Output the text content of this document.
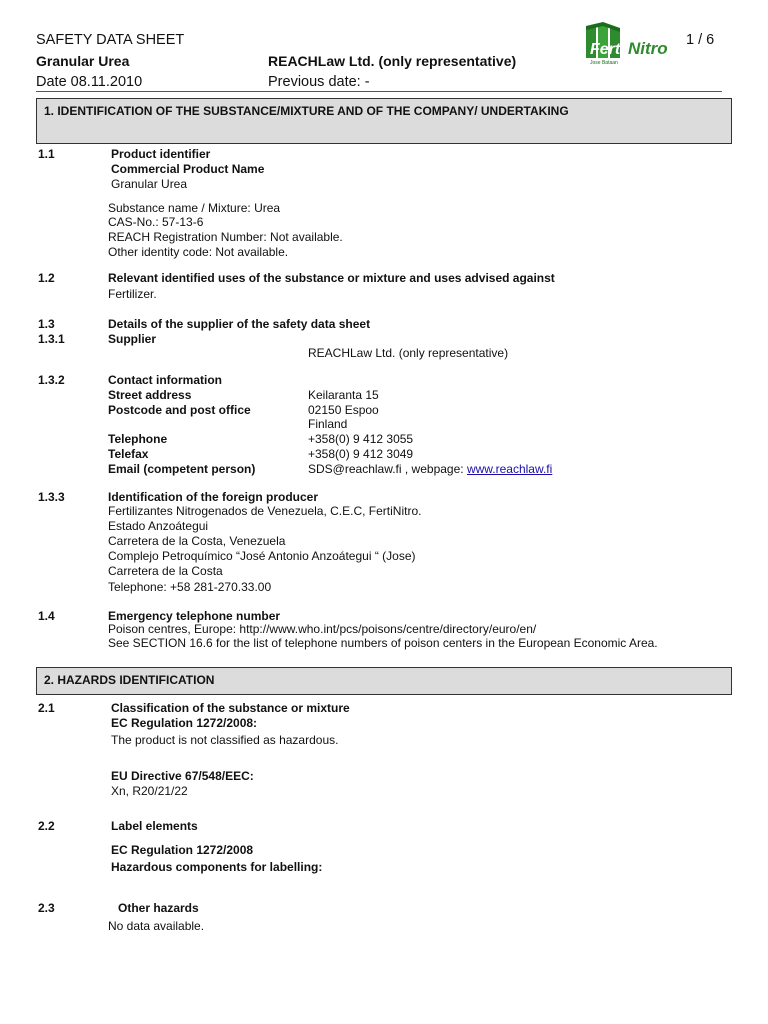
SAFETY DATA SHEET
Granular Urea	REACHLaw Ltd. (only representative)
Date 08.11.2010	Previous date: -
1 / 6
Ferti Nitro
Jose Bataan
1. IDENTIFICATION OF THE SUBSTANCE/MIXTURE AND OF THE COMPANY/ UNDERTAKING
1.1	Product identifier
Commercial Product Name
Granular Urea
Substance name / Mixture: Urea
CAS-No.: 57-13-6
REACH Registration Number: Not available.
Other identity code: Not available.
1.2	Relevant identified uses of the substance or mixture and uses advised against
Fertilizer.
1.3	Details of the supplier of the safety data sheet
1.3.1	Supplier
REACHLaw Ltd. (only representative)
1.3.2	Contact information
Street address	Keilaranta 15
Postcode and post office	02150 Espoo
Finland
Telephone	+358(0) 9 412 3055
Telefax	+358(0) 9 412 3049
Email (competent person)	SDS@reachlaw.fi , webpage: www.reachlaw.fi
1.3.3	Identification of the foreign producer
Fertilizantes Nitrogenados de Venezuela, C.E.C, FertiNitro.
Estado Anzoátegui
Carretera de la Costa, Venezuela
Complejo Petroquímico “José Antonio Anzoátegui “ (Jose)
Carretera de la Costa
Telephone: +58 281-270.33.00
1.4	Emergency telephone number
Poison centres, Europe: http://www.who.int/pcs/poisons/centre/directory/euro/en/
See SECTION 16.6 for the list of telephone numbers of poison centers in the European Economic Area.
2. HAZARDS IDENTIFICATION
2.1	Classification of the substance or mixture
EC Regulation 1272/2008:
The product is not classified as hazardous.
EU Directive 67/548/EEC:
Xn, R20/21/22
2.2	Label elements
EC Regulation 1272/2008
Hazardous components for labelling:
2.3	Other hazards
No data available.
